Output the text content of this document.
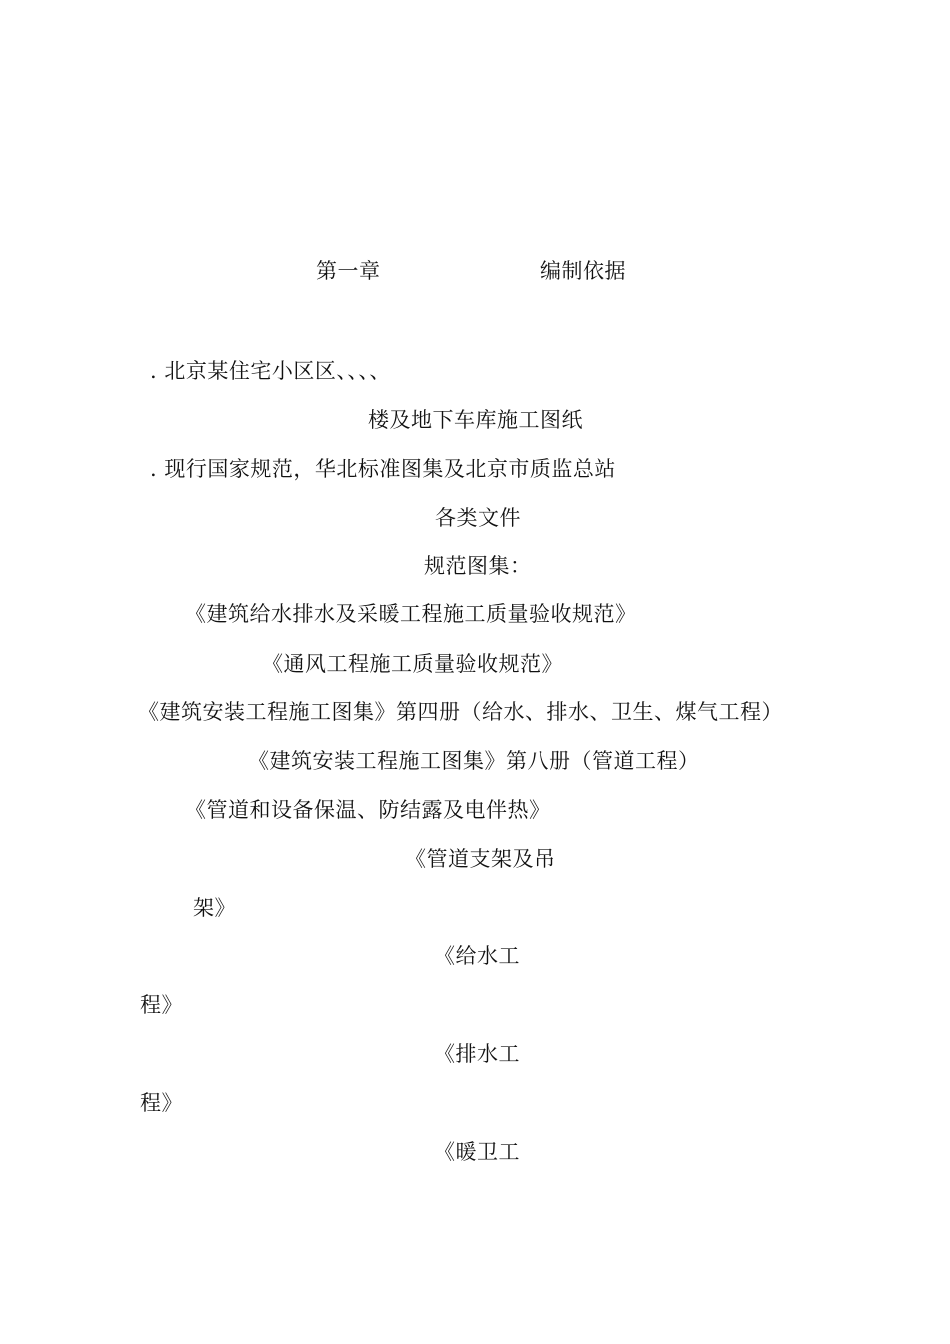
第一章	编制依据
. 北京某住宅小区区、、、、
楼及地下车库施工图纸
. 现行国家规范，华北标准图集及北京市质监总站
各类文件
规范图集：
《建筑给水排水及采暖工程施工质量验收规范》
《通风工程施工质量验收规范》
《建筑安装工程施工图集》第四册（给水、排水、卫生、煤气工程）
《建筑安装工程施工图集》第八册（管道工程）
《管道和设备保温、防结露及电伴热》
《管道支架及吊
架》
《给水工
程》
《排水工
程》
《暖卫工
